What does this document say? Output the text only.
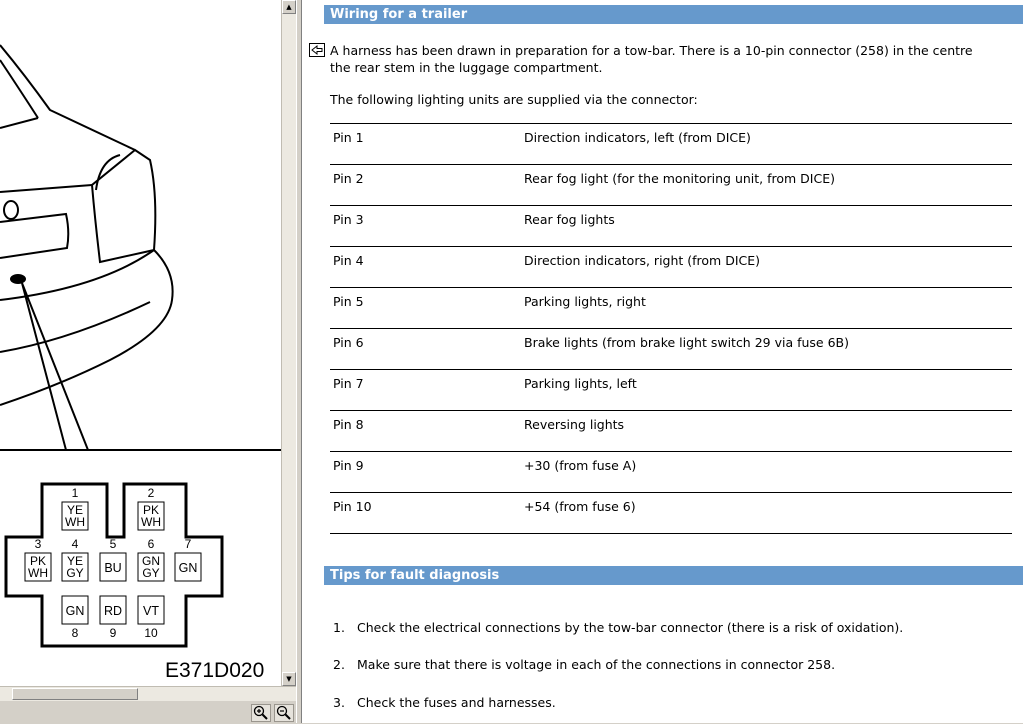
1
YE
WH
2
PK
WH
3
PK
WH
4
YE
GY
5
BU
6
GN
GY
7
GN
8
GN
9
RD
10
VT
E371D020
▲
▼
Wiring for a trailer
A harness has been drawn in preparation for a tow-bar. There is a 10-pin connector (258) in the centre
the rear stem in the luggage compartment.
The following lighting units are supplied via the connector:
Pin 1	Direction indicators, left (from DICE)
Pin 2	Rear fog light (for the monitoring unit, from DICE)
Pin 3	Rear fog lights
Pin 4	Direction indicators, right (from DICE)
Pin 5	Parking lights, right
Pin 6	Brake lights (from brake light switch 29 via fuse 6B)
Pin 7	Parking lights, left
Pin 8	Reversing lights
Pin 9	+30 (from fuse A)
Pin 10	+54 (from fuse 6)
Tips for fault diagnosis
1. Check the electrical connections by the tow-bar connector (there is a risk of oxidation).
2. Make sure that there is voltage in each of the connections in connector 258.
3. Check the fuses and harnesses.
